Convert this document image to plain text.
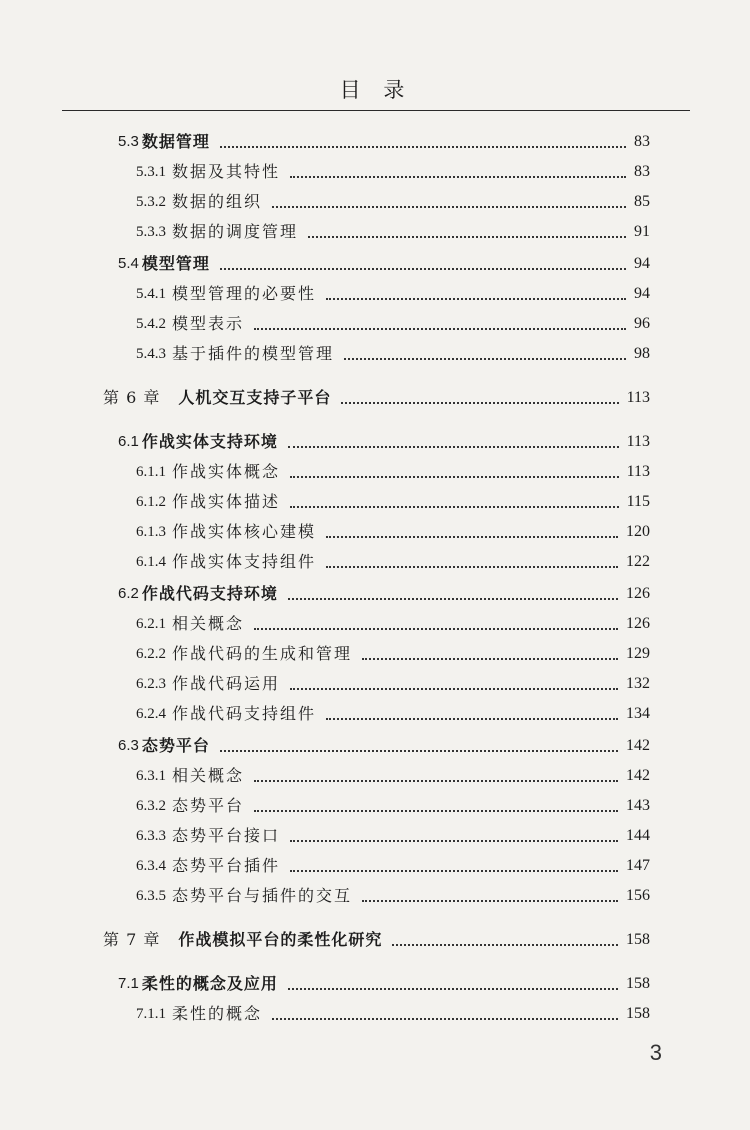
目 录
5.3 数据管理	83
5.3.1 数据及其特性	83
5.3.2 数据的组织	85
5.3.3 数据的调度管理	91
5.4 模型管理	94
5.4.1 模型管理的必要性	94
5.4.2 模型表示	96
5.4.3 基于插件的模型管理	98
第 6 章 人机交互支持子平台	113
6.1 作战实体支持环境	113
6.1.1 作战实体概念	113
6.1.2 作战实体描述	115
6.1.3 作战实体核心建模	120
6.1.4 作战实体支持组件	122
6.2 作战代码支持环境	126
6.2.1 相关概念	126
6.2.2 作战代码的生成和管理	129
6.2.3 作战代码运用	132
6.2.4 作战代码支持组件	134
6.3 态势平台	142
6.3.1 相关概念	142
6.3.2 态势平台	143
6.3.3 态势平台接口	144
6.3.4 态势平台插件	147
6.3.5 态势平台与插件的交互	156
第 7 章 作战模拟平台的柔性化研究	158
7.1 柔性的概念及应用	158
7.1.1 柔性的概念	158
3
